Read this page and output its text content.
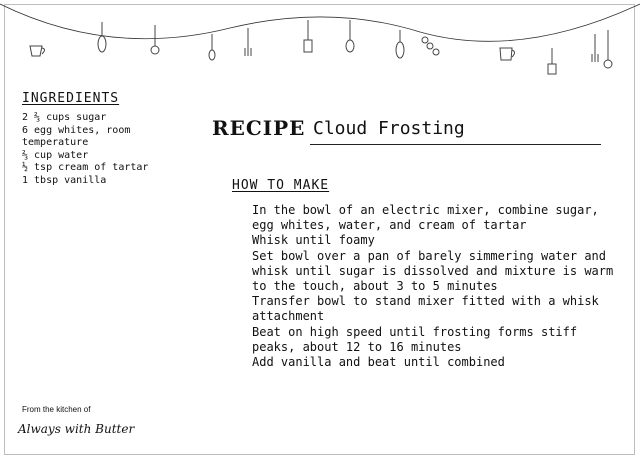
INGREDIENTS
2 ⅔ cups sugar
6 egg whites, room temperature
⅔ cup water
½ tsp cream of tartar
1 tbsp vanilla
RECIPE Cloud Frosting
HOW TO MAKE
In the bowl of an electric mixer, combine sugar, egg whites, water, and cream of tartar
Whisk until foamy
Set bowl over a pan of barely simmering water and whisk until sugar is dissolved and mixture is warm to the touch, about 3 to 5 minutes
Transfer bowl to stand mixer fitted with a whisk attachment
Beat on high speed until frosting forms stiff peaks, about 12 to 16 minutes
Add vanilla and beat until combined
From the kitchen of
Always with Butter
